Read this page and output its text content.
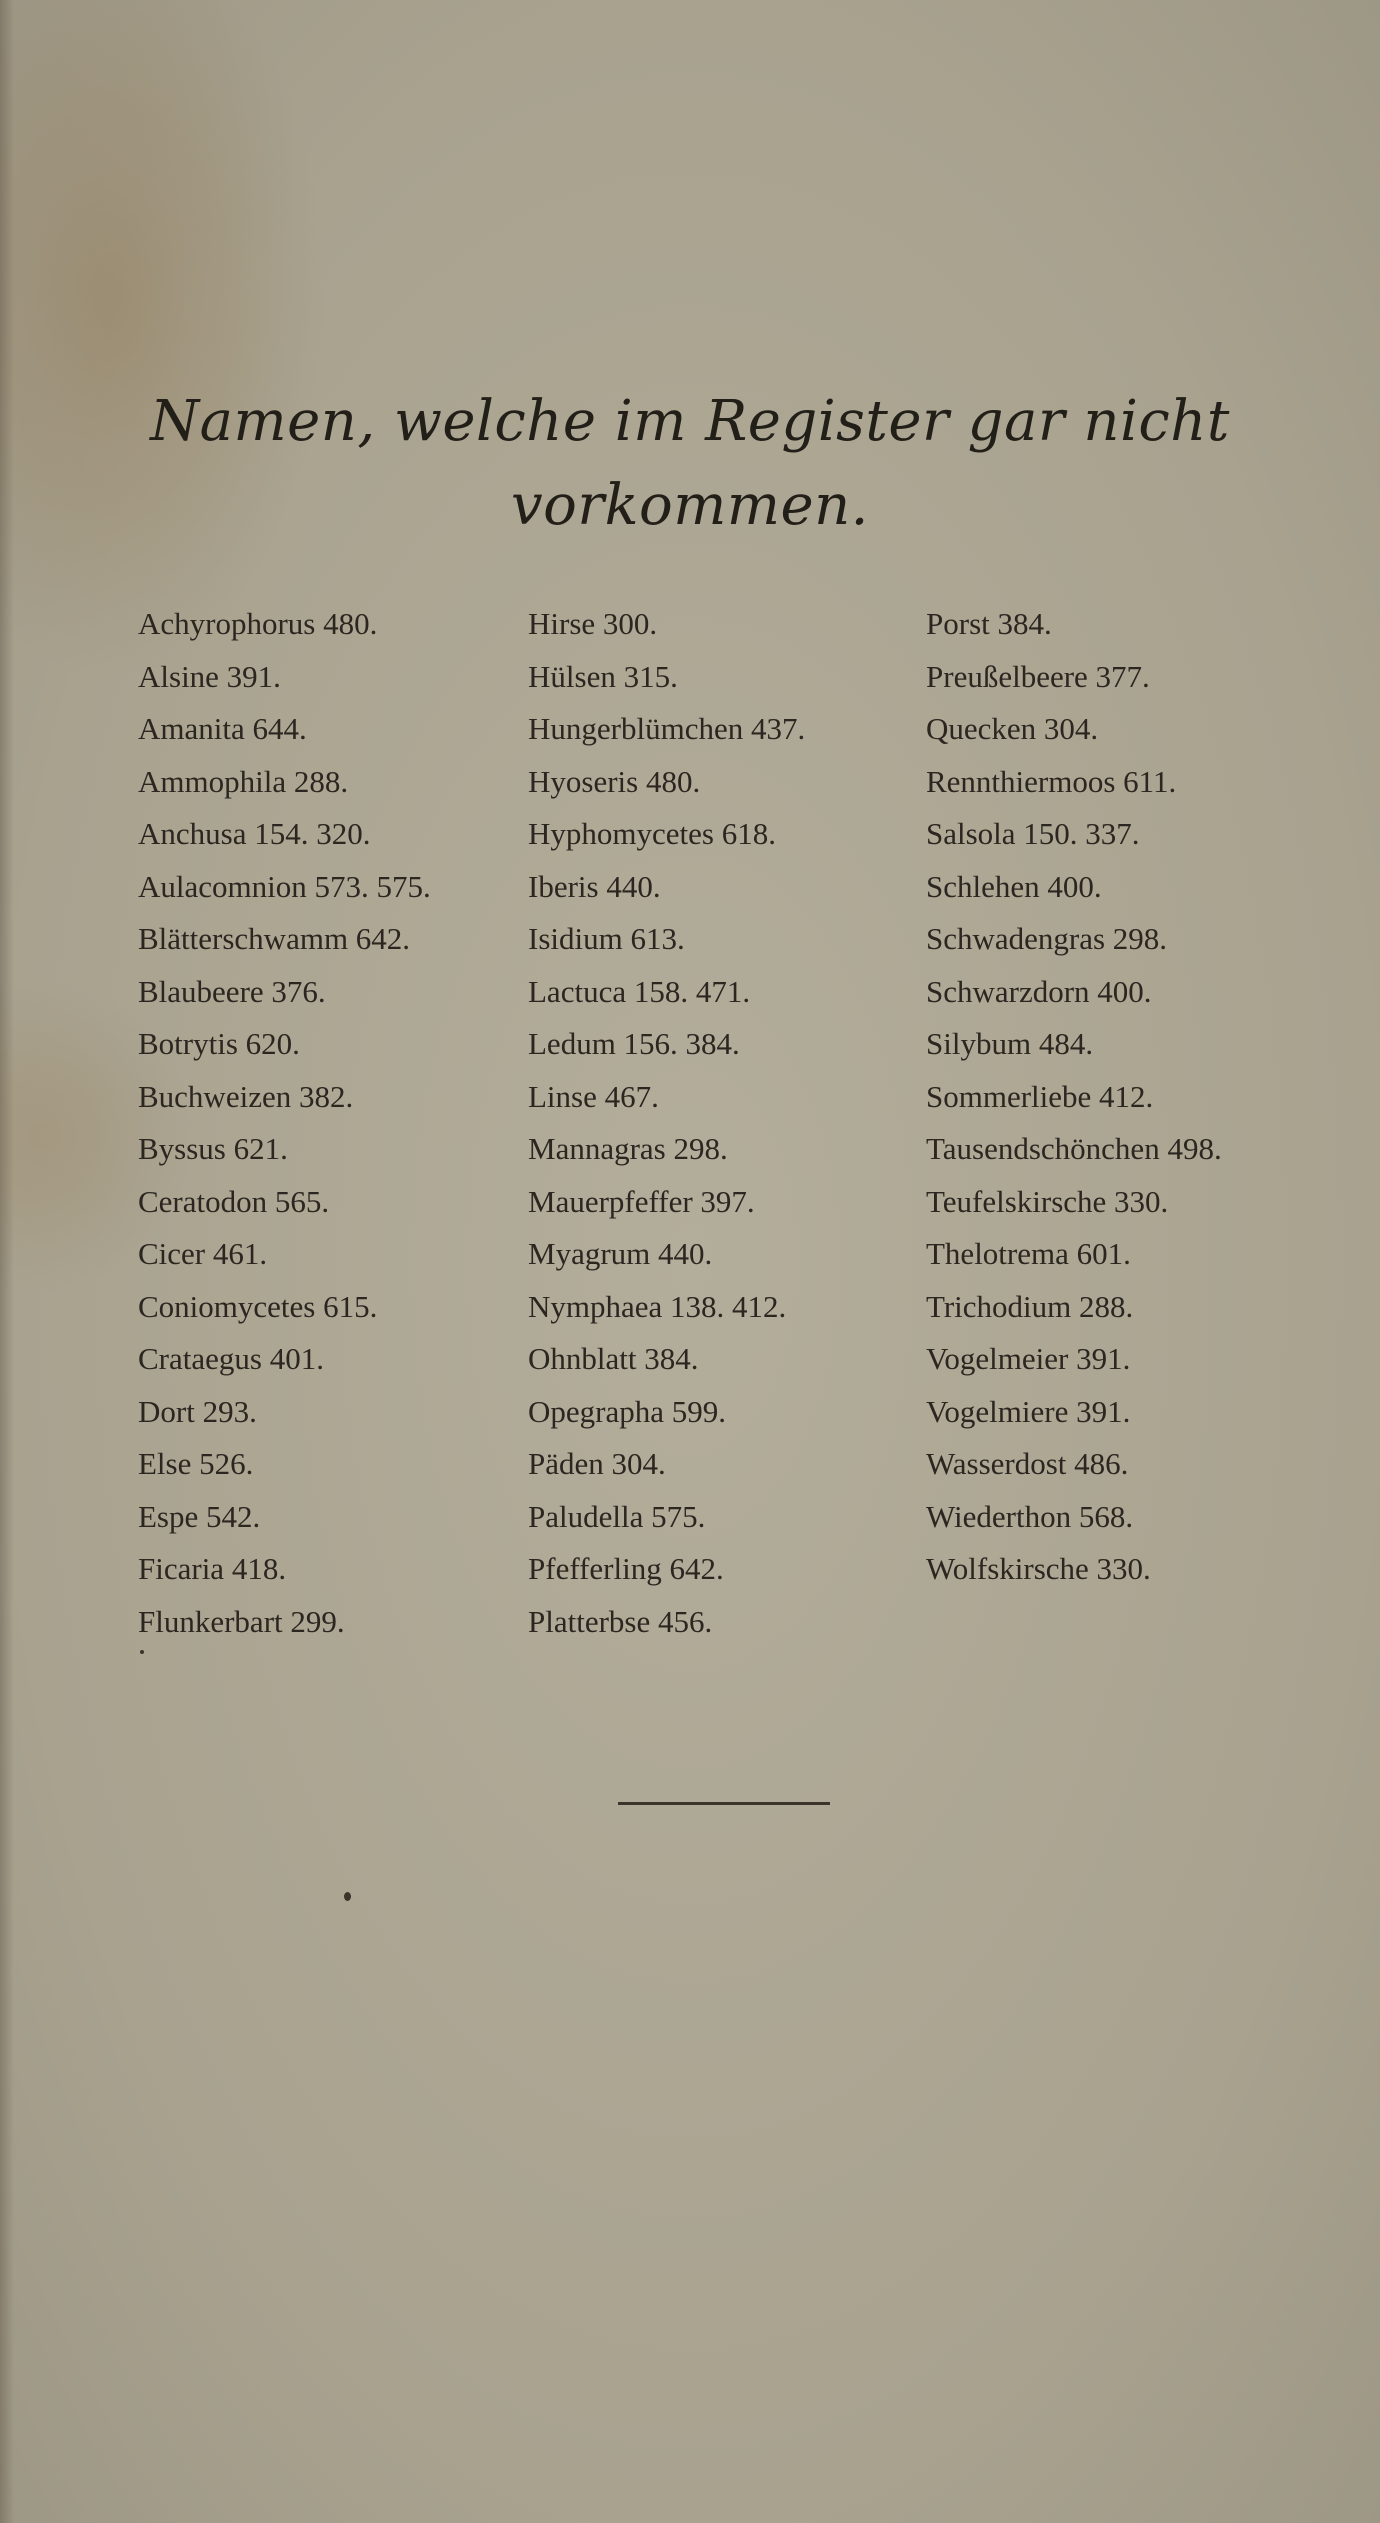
Namen, welche im Register gar nicht
vorkommen.
Achyrophorus 480.
Alsine 391.
Amanita 644.
Ammophila 288.
Anchusa 154. 320.
Aulacomnion 573. 575.
Blätterschwamm 642.
Blaubeere 376.
Botrytis 620.
Buchweizen 382.
Byssus 621.
Ceratodon 565.
Cicer 461.
Coniomycetes 615.
Crataegus 401.
Dort 293.
Else 526.
Espe 542.
Ficaria 418.
Flunkerbart 299.
Hirse 300.
Hülsen 315.
Hungerblümchen 437.
Hyoseris 480.
Hyphomycetes 618.
Iberis 440.
Isidium 613.
Lactuca 158. 471.
Ledum 156. 384.
Linse 467.
Mannagras 298.
Mauerpfeffer 397.
Myagrum 440.
Nymphaea 138. 412.
Ohnblatt 384.
Opegrapha 599.
Päden 304.
Paludella 575.
Pfefferling 642.
Platterbse 456.
Porst 384.
Preußelbeere 377.
Quecken 304.
Rennthiermoos 611.
Salsola 150. 337.
Schlehen 400.
Schwadengras 298.
Schwarzdorn 400.
Silybum 484.
Sommerliebe 412.
Tausendschönchen 498.
Teufelskirsche 330.
Thelotrema 601.
Trichodium 288.
Vogelmeier 391.
Vogelmiere 391.
Wasserdost 486.
Wiederthon 568.
Wolfskirsche 330.
